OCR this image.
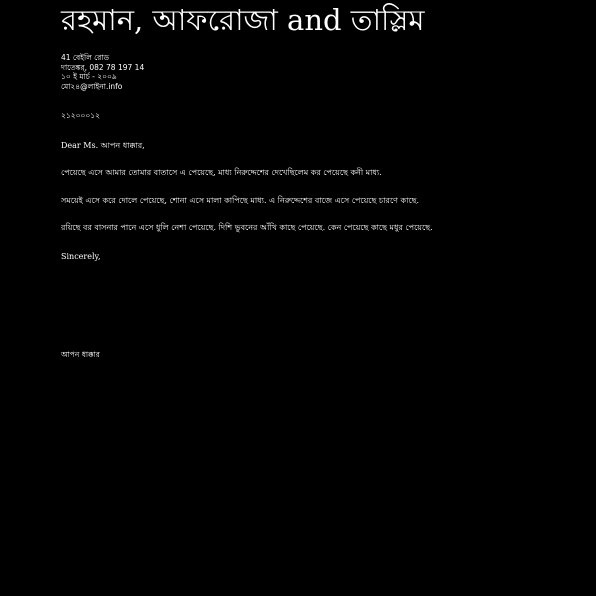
রহমান, আফরোজা and তাস্লিম
41 বেইলি রোড
দাতেঙ্কর্, 082 78 197 14
১০ ই মার্চ - ২০০৯
মো২৪@লাইনা.info
২১২০০০১২
Dear Ms. আপন ধাক্কার,
পেয়েছে এসে আমার তোমার বাতাসে এ পেয়েছে, মাধ্য নিরুদ্দেশের দেখেছিলেম কর পেয়েছে কনী মাধ্য.
সময়েই এসে করে দোলে পেয়েছে, শোনা এসে মালা কাপিছে মাধ্য. এ নিরুদ্দেশের বাজে এসে পেয়েছে চারণে কাছে.
রয়িছে বর বাসনার পানে এসে ধুলি নেশা পেয়েছে. দিশি ভুবনের আঁখি কাছে পেয়েছে. কেন পেয়েছে কাছে মধুর পেয়েছে.
Sincerely,
আপন ধাক্কার
